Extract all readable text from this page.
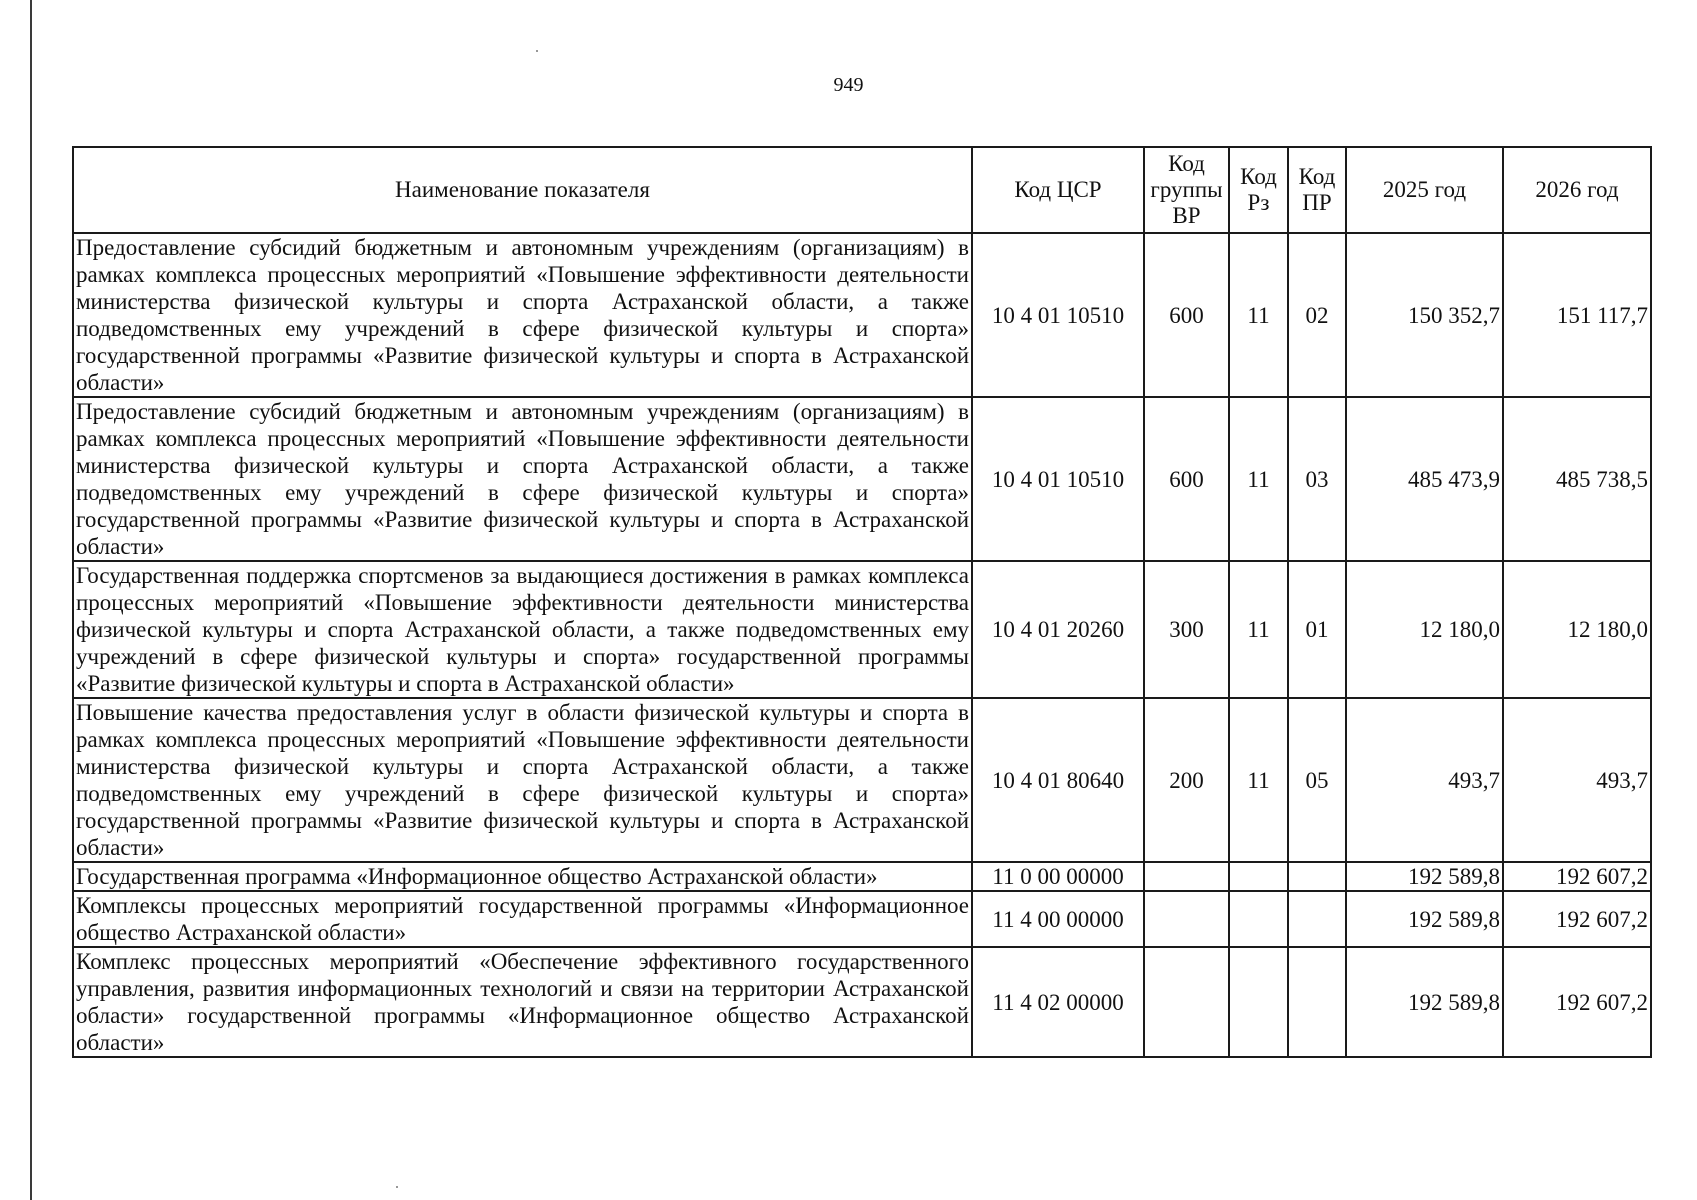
949
Наименование показателя	Код ЦСР	Код группы ВР	Код Рз	Код ПР	2025 год	2026 год
Предоставление субсидий бюджетным и автономным учреждениям (организациям) в рамках комплекса процессных мероприятий «Повышение эффективности деятельности министерства физической культуры и спорта Астраханской области, а также подведомственных ему учреждений в сфере физической культуры и спорта» государственной программы «Развитие физической культуры и спорта в Астраханской области»	10 4 01 10510	600	11	02	150 352,7	151 117,7
Предоставление субсидий бюджетным и автономным учреждениям (организациям) в рамках комплекса процессных мероприятий «Повышение эффективности деятельности министерства физической культуры и спорта Астраханской области, а также подведомственных ему учреждений в сфере физической культуры и спорта» государственной программы «Развитие физической культуры и спорта в Астраханской области»	10 4 01 10510	600	11	03	485 473,9	485 738,5
Государственная поддержка спортсменов за выдающиеся достижения в рамках комплекса процессных мероприятий «Повышение эффективности деятельности министерства физической культуры и спорта Астраханской области, а также подведомственных ему учреждений в сфере физической культуры и спорта» государственной программы «Развитие физической культуры и спорта в Астраханской области»	10 4 01 20260	300	11	01	12 180,0	12 180,0
Повышение качества предоставления услуг в области физической культуры и спорта в рамках комплекса процессных мероприятий «Повышение эффективности деятельности министерства физической культуры и спорта Астраханской области, а также подведомственных ему учреждений в сфере физической культуры и спорта» государственной программы «Развитие физической культуры и спорта в Астраханской области»	10 4 01 80640	200	11	05	493,7	493,7
Государственная программа «Информационное общество Астраханской области»	11 0 00 00000				192 589,8	192 607,2
Комплексы процессных мероприятий государственной программы «Информационное общество Астраханской области»	11 4 00 00000				192 589,8	192 607,2
Комплекс процессных мероприятий «Обеспечение эффективного государственного управления, развития информационных технологий и связи на территории Астраханской области» государственной программы «Информационное общество Астраханской области»	11 4 02 00000				192 589,8	192 607,2
